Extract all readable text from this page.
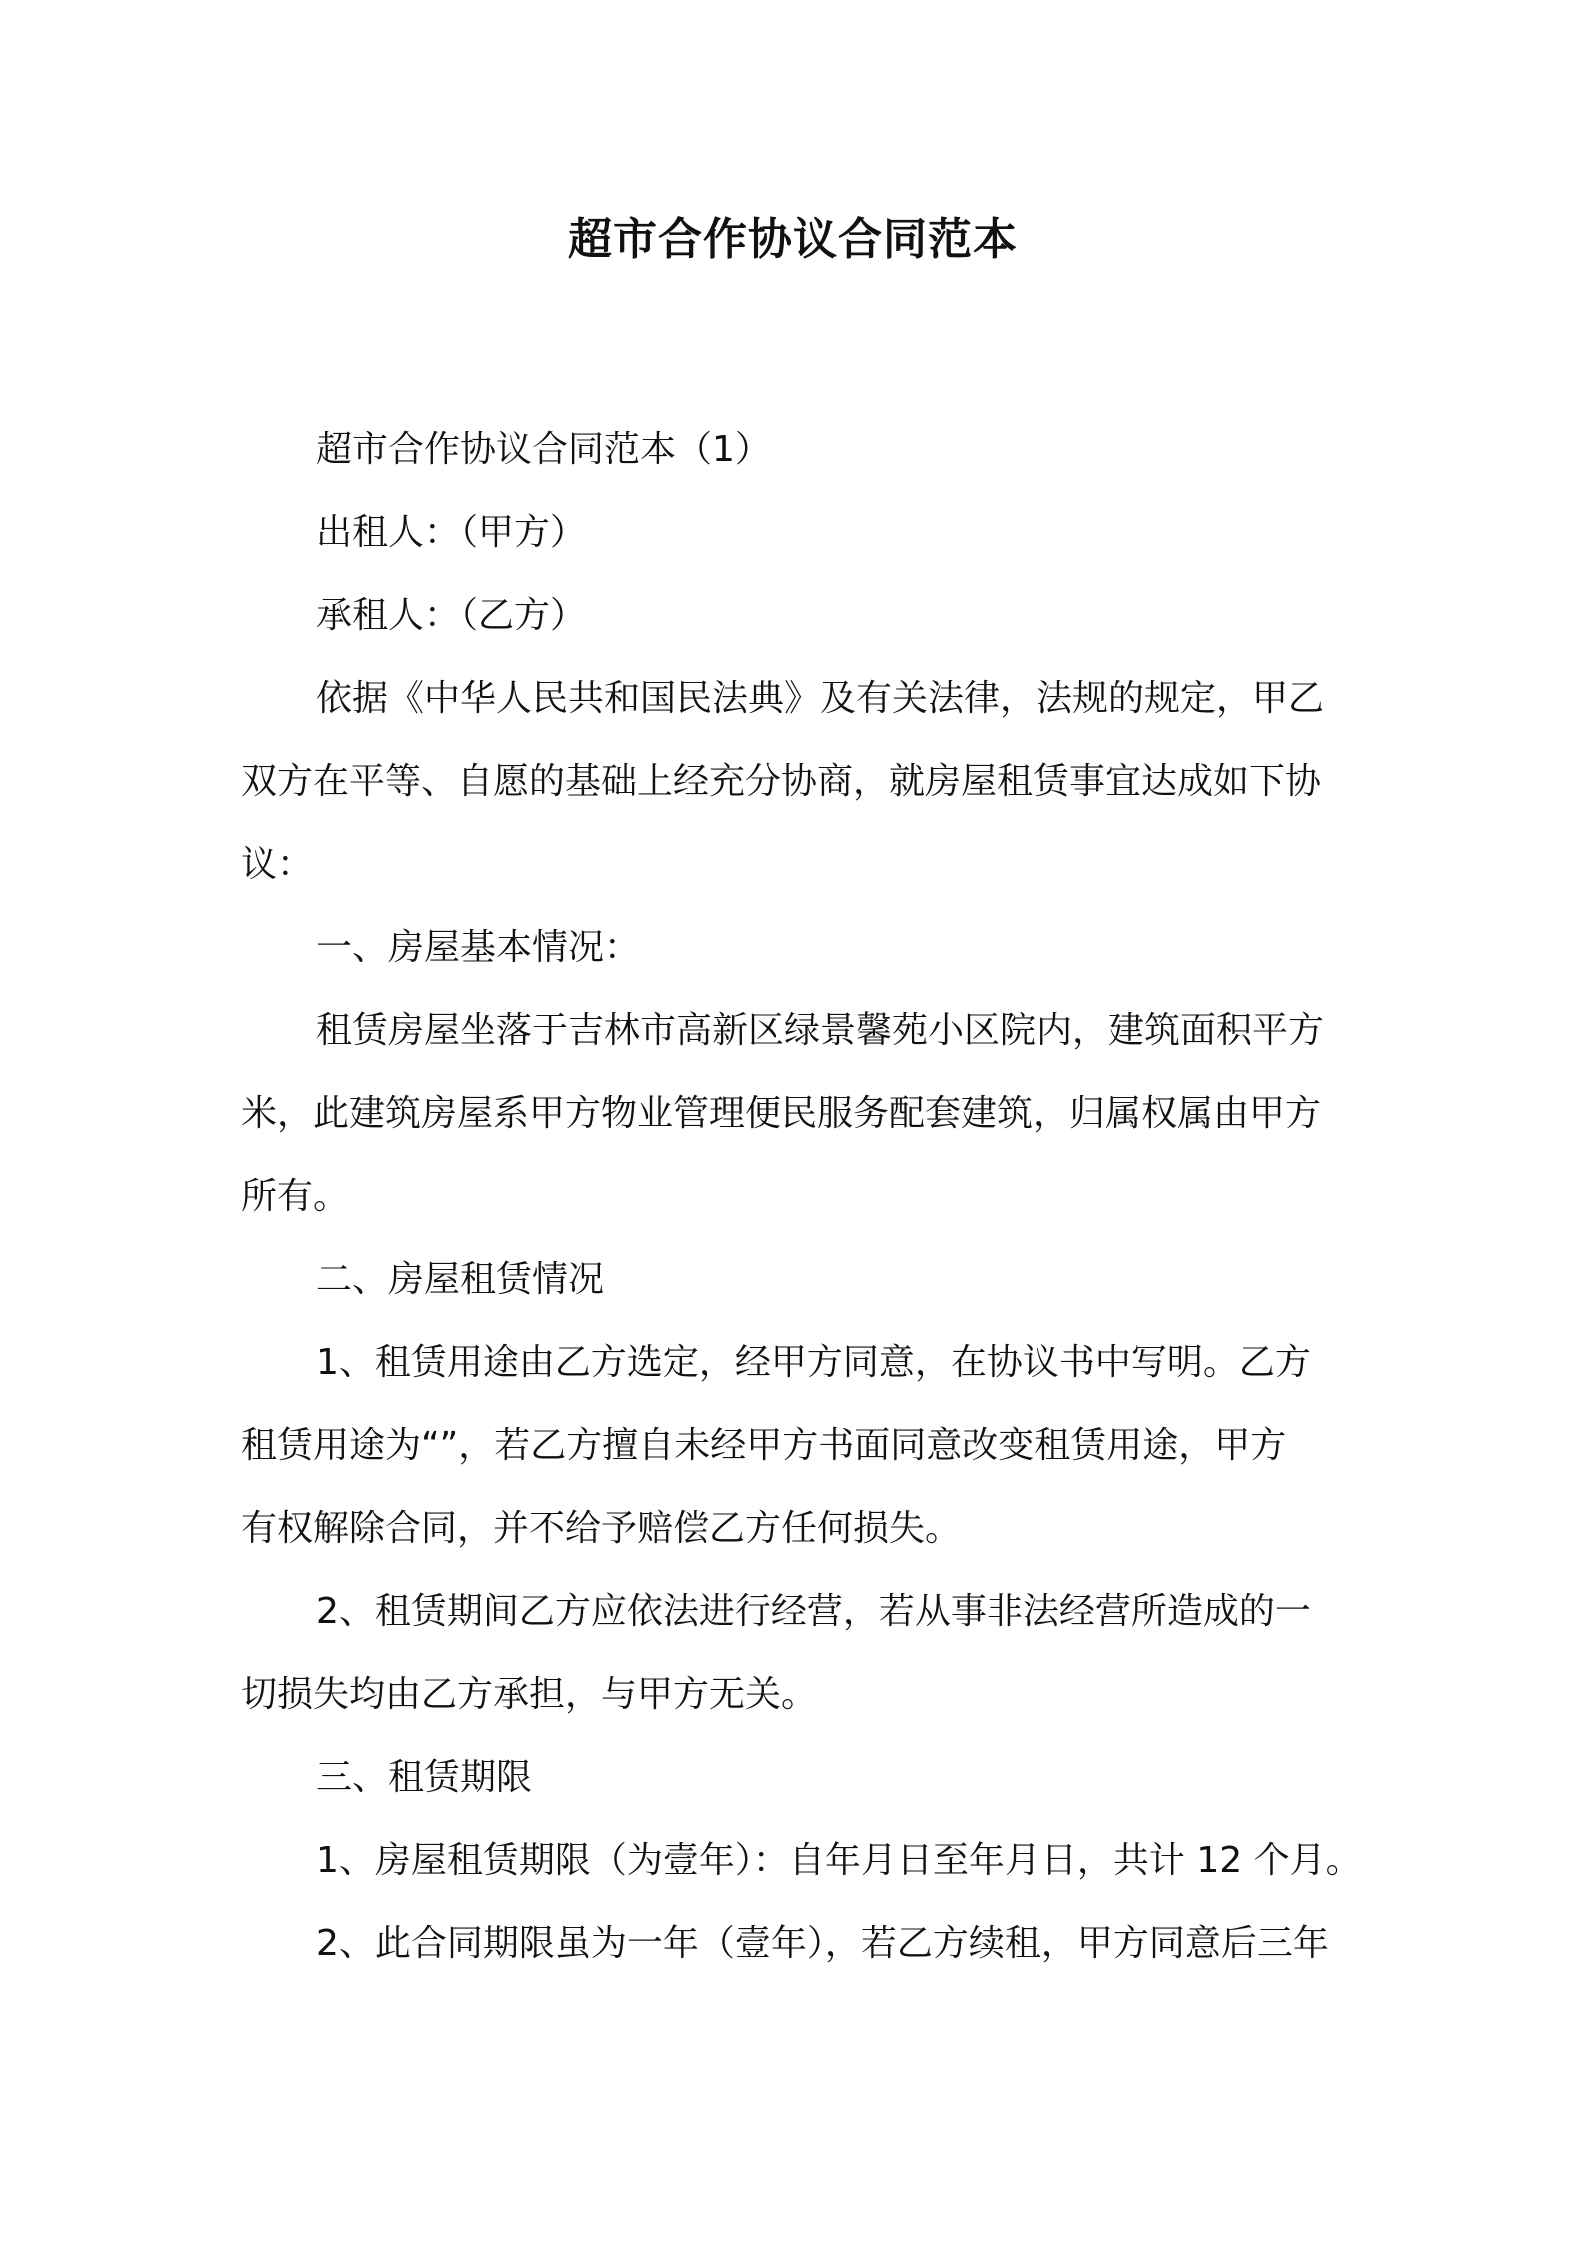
超市合作协议合同范本

超市合作协议合同范本（1）

出租人：（甲方）

承租人：（乙方）

依据《中华人民共和国民法典》及有关法律，法规的规定，甲乙

双方在平等、自愿的基础上经充分协商，就房屋租赁事宜达成如下协

议：

一、房屋基本情况：

租赁房屋坐落于吉林市高新区绿景馨苑小区院内，建筑面积平方

米，此建筑房屋系甲方物业管理便民服务配套建筑，归属权属由甲方

所有。

二、房屋租赁情况

1、租赁用途由乙方选定，经甲方同意，在协议书中写明。乙方

租赁用途为“”，若乙方擅自未经甲方书面同意改变租赁用途，甲方

有权解除合同，并不给予赔偿乙方任何损失。

2、租赁期间乙方应依法进行经营，若从事非法经营所造成的一

切损失均由乙方承担，与甲方无关。

三、租赁期限

1、房屋租赁期限（为壹年）：自年月日至年月日，共计 12 个月。

2、此合同期限虽为一年（壹年），若乙方续租，甲方同意后三年
